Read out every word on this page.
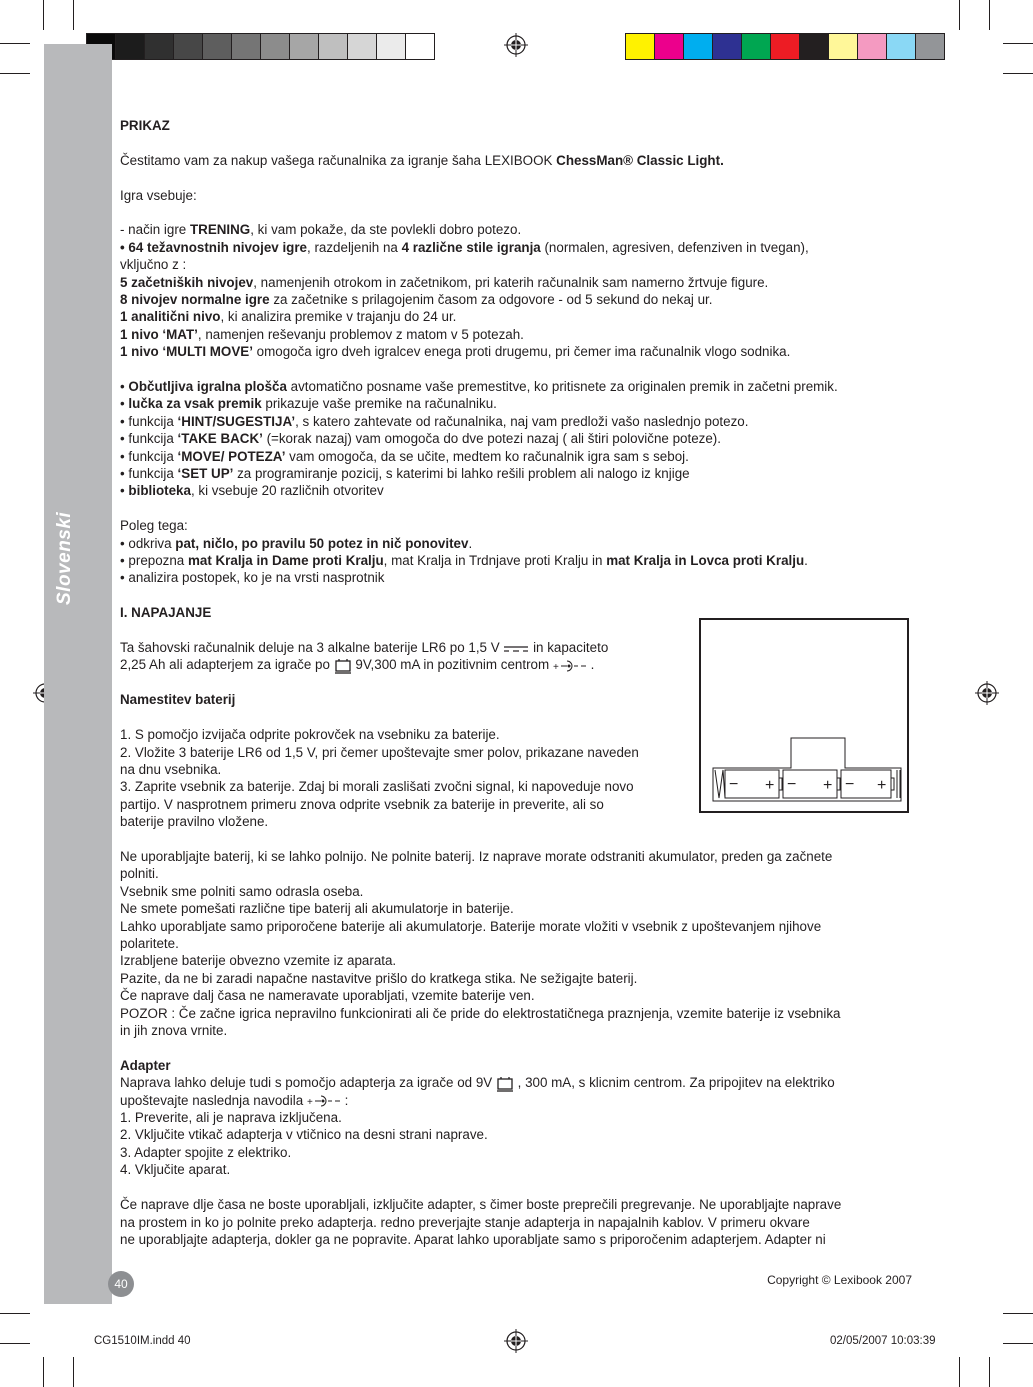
Slovenski

PRIKAZ

Čestitamo vam za nakup vašega računalnika za igranje šaha LEXIBOOK ChessMan® Classic Light.

Igra vsebuje:

- način igre TRENING, ki vam pokaže, da ste povlekli dobro potezo.

• 64 težavnostnih nivojev igre, razdeljenih na 4 različne stile igranja (normalen, agresiven, defenziven in tvegan),

vključno z :

5 začetniških nivojev, namenjenih otrokom in začetnikom, pri katerih računalnik sam namerno žrtvuje figure.

8 nivojev normalne igre za začetnike s prilagojenim časom za odgovore - od 5 sekund do nekaj ur.

1 analitični nivo, ki analizira premike v trajanju do 24 ur.

1 nivo ‘MAT’, namenjen reševanju problemov z matom v 5 potezah.

1 nivo ‘MULTI MOVE’ omogoča igro dveh igralcev enega proti drugemu, pri čemer ima računalnik vlogo sodnika.

• Občutljiva igralna plošča avtomatično posname vaše premestitve, ko pritisnete za originalen premik in začetni premik.

• lučka za vsak premik prikazuje vaše premike na računalniku.

• funkcija ‘HINT/SUGESTIJA’, s katero zahtevate od računalnika, naj vam predloži vašo naslednjo potezo.

• funkcija ‘TAKE BACK’ (=korak nazaj) vam omogoča do dve potezi nazaj ( ali štiri polovične poteze).

• funkcija ‘MOVE/ POTEZA’ vam omogoča, da se učite, medtem ko računalnik igra sam s seboj.

• funkcija ‘SET UP’ za programiranje pozicij, s katerimi bi lahko rešili problem ali nalogo iz knjige

• biblioteka, ki vsebuje 20 različnih otvoritev

Poleg tega:

• odkriva pat, ničlo, po pravilu 50 potez in nič ponovitev.

• prepozna mat Kralja in Dame proti Kralju, mat Kralja in Trdnjave proti Kralju in mat Kralja in Lovca proti Kralju.

• analizira postopek, ko je na vrsti nasprotnik

I. NAPAJANJE

Ta šahovski računalnik deluje na 3 alkalne baterije LR6 po 1,5 V  in kapaciteto

2,25 Ah ali adapterjem za igrače po  9V,300 mA in pozitivnim centrom + .

Namestitev baterij

1. S pomočjo izvijača odprite pokrovček na vsebniku za baterije.

2. Vložite 3 baterije LR6 od 1,5 V, pri čemer upoštevajte smer polov, prikazane naveden

na dnu vsebnika.

3. Zaprite vsebnik za baterije. Zdaj bi morali zaslišati zvočni signal, ki napoveduje novo

partijo. V nasprotnem primeru znova odprite vsebnik za baterije in preverite, ali so

baterije pravilno vložene.

Ne uporabljajte baterij, ki se lahko polnijo. Ne polnite baterij. Iz naprave morate odstraniti akumulator, preden ga začnete

polniti.

Vsebnik sme polniti samo odrasla oseba.

Ne smete pomešati različne tipe baterij ali akumulatorje in baterije.

Lahko uporabljate samo priporočene baterije ali akumulatorje. Baterije morate vložiti v vsebnik z upoštevanjem njihove

polaritete.

Izrabljene baterije obvezno vzemite iz aparata.

Pazite, da ne bi zaradi napačne nastavitve prišlo do kratkega stika. Ne sežigajte baterij.

Če naprave dalj časa ne nameravate uporabljati, vzemite baterije ven.

POZOR : Če začne igrica nepravilno funkcionirati ali če pride do elektrostatičnega praznjenja, vzemite baterije iz vsebnika

in jih znova vrnite.

Adapter

Naprava lahko deluje tudi s pomočjo adapterja za igrače od 9V  , 300 mA, s klicnim centrom. Za pripojitev na elektriko

upoštevajte naslednja navodila + :

1. Preverite, ali je naprava izključena.

2. Vključite vtikač adapterja v vtičnico na desni strani naprave.

3. Adapter spojite z elektriko.

4. Vključite aparat.

Če naprave dlje časa ne boste uporabljali, izključite adapter, s čimer boste preprečili pregrevanje. Ne uporabljajte naprave

na prostem in ko jo polnite preko adapterja. redno preverjajte stanje adapterja in napajalnih kablov. V primeru okvare

ne uporabljajte adapterja, dokler ga ne popravite. Aparat lahko uporabljate samo s priporočenim adapterjem. Adapter ni

− + − + − +
40	Copyright © Lexibook 2007
CG1510IM.indd 40	02/05/2007 10:03:39
